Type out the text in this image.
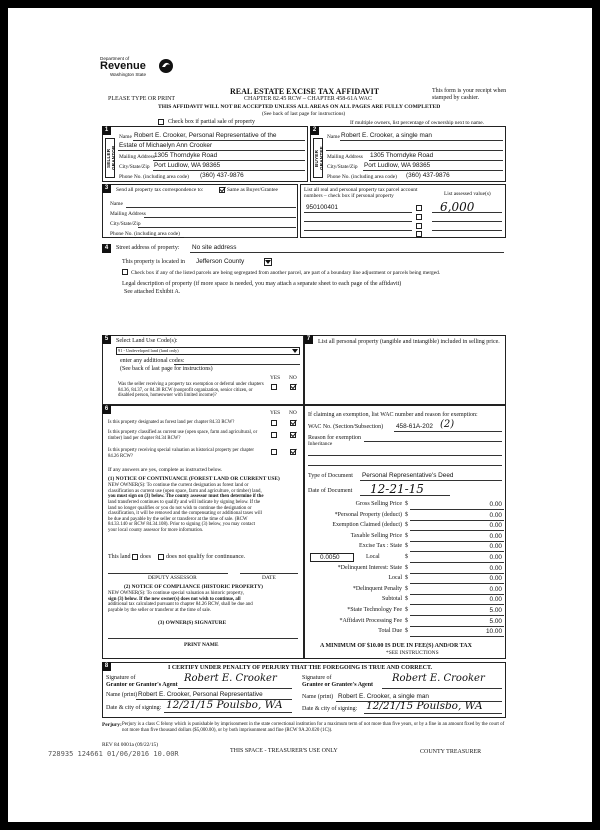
Department of
Revenue
Washington State
PLEASE TYPE OR PRINT
REAL ESTATE EXCISE TAX AFFIDAVIT
CHAPTER 82.45 RCW – CHAPTER 458-61A WAC
THIS AFFIDAVIT WILL NOT BE ACCEPTED UNLESS ALL AREAS ON ALL PAGES ARE FULLY COMPLETED
This form is your receipt when stamped by cashier.
(See back of last page for instructions)
Check box if partial sale of property	If multiple owners, list percentage of ownership next to name.
1
SELLER GRANTOR
Name Robert E. Crooker, Personal Representative of the
Estate of Michaelyn Ann Crooker
Mailing Address 1305 Thorndyke Road
City/State/Zip Port Ludlow, WA 98365
Phone No. (including area code) (360) 437-9876
2
BUYER GRANTEE
Name Robert E. Crooker, a single man
Mailing Address 1305 Thorndyke Road
City/State/Zip Port Ludlow, WA 98365
Phone No. (including area code) (360) 437-9876
3	Send all property tax correspondence to:	Same as Buyer/Grantee
Name
Mailing Address
City/State/Zip
Phone No. (including area code)
List all real and personal property tax parcel account numbers – check box if personal property	List assessed value(s)
950100401	6,000
4	Street address of property: No site address
This property is located in Jefferson County
Check box if any of the listed parcels are being segregated from another parcel, are part of a boundary line adjustment or parcels being merged.
Legal description of property (if more space is needed, you may attach a separate sheet to each page of the affidavit)
See attached Exhibit A.
5	Select Land Use Code(s):
91 - Undeveloped land (land only)
enter any additional codes:
(See back of last page for instructions)
YES NO
Was the seller receiving a property tax exemption or deferral under chapters 84.36, 84.37, or 84.38 RCW (nonprofit organization, senior citizen, or disabled person, homeowner with limited income)?
7	List all personal property (tangible and intangible) included in selling price.
6
YES NO
Is this property designated as forest land per chapter 84.33 RCW?
Is this property classified as current use (open space, farm and agricultural, or timber) land per chapter 84.34 RCW?
Is this property receiving special valuation as historical property per chapter 84.26 RCW?
If any answers are yes, complete as instructed below.
(1) NOTICE OF CONTINUANCE (FOREST LAND OR CURRENT USE)
NEW OWNER(S): To continue the current designation as forest land or
classification as current use (open space, farm and agriculture, or timber) land,
you must sign on (3) below. The county assessor must then determine if the
land transferred continues to qualify and will indicate by signing below. If the
land no longer qualifies or you do not wish to continue the designation or
classification, it will be removed and the compensating or additional taxes will
be due and payable by the seller or transferor at the time of sale. (RCW
84.33.140 or RCW 84.34.108). Prior to signing (3) below, you may contact
your local county assessor for more information.
This land does	does not qualify for continuance.
DEPUTY ASSESSOR	DATE
(2) NOTICE OF COMPLIANCE (HISTORIC PROPERTY)
NEW OWNER(S): To continue special valuation as historic property,
sign (3) below. If the new owner(s) does not wish to continue, all
additional tax calculated pursuant to chapter 84.26 RCW, shall be due and
payable by the seller or transferor at the time of sale.
(3) OWNER(S) SIGNATURE
PRINT NAME
If claiming an exemption, list WAC number and reason for exemption:
WAC No. (Section/Subsection) 458-61A-202 (2)
Reason for exemption
Inheritance
Type of Document Personal Representative's Deed
Date of Document 12-21-15
Gross Selling Price $	0.00
*Personal Property (deduct) $	0.00
Exemption Claimed (deduct) $	0.00
Taxable Selling Price $	0.00
Excise Tax : State $	0.00
0.0050	Local	$	0.00
*Delinquent Interest: State $	0.00
Local $	0.00
*Delinquent Penalty $	0.00
Subtotal $	0.00
*State Technology Fee $	5.00
*Affidavit Processing Fee $	5.00
Total Due $	10.00
A MINIMUM OF $10.00 IS DUE IN FEE(S) AND/OR TAX
*SEE INSTRUCTIONS
8	I CERTIFY UNDER PENALTY OF PERJURY THAT THE FOREGOING IS TRUE AND CORRECT.
Signature of
Grantor or Grantor's Agent
Robert E. Crooker
Name (print) Robert E. Crooker, Personal Representative
Date & city of signing: 12/21/15 Poulsbo, WA
Signature of
Grantee or Grantee's Agent
Robert E. Crooker
Name (print) Robert E. Crooker, a single man
Date & city of signing: 12/21/15 Poulsbo, WA
Perjury: Perjury is a class C felony which is punishable by imprisonment in the state correctional institution for a maximum term of not more than five years, or by a fine in an amount fixed by the court of not more than five thousand dollars ($5,000.00), or by both imprisonment and fine (RCW 9A.20.020 (1C)).
REV 84 0001a (09/22/15)
THIS SPACE - TREASURER'S USE ONLY	COUNTY TREASURER
728935 124661 01/06/2016 10.00R
